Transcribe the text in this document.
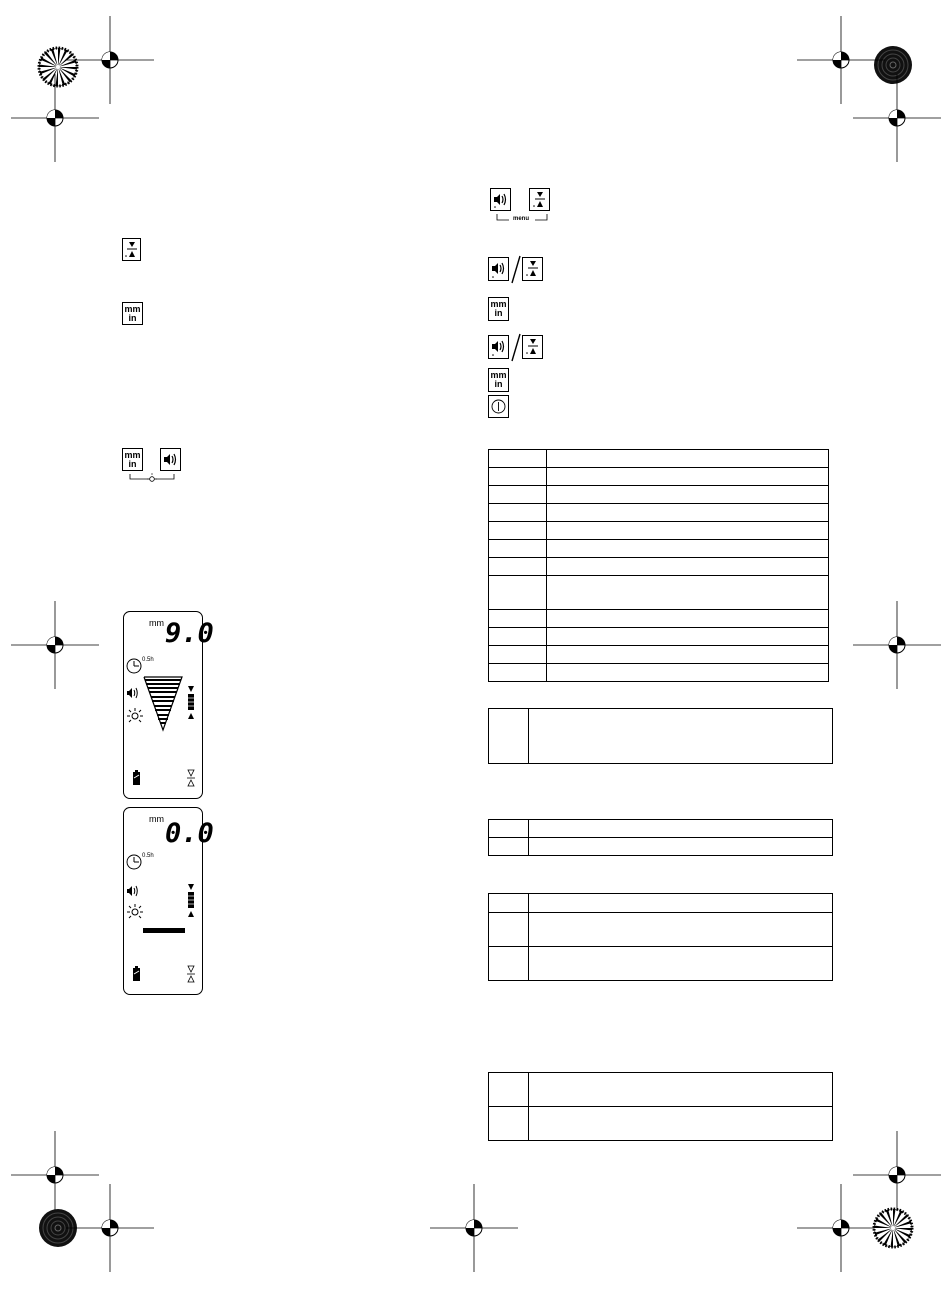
mm
in
mm
in
mm 9.0
0.5h
mm 0.0
0.5h
menu
mm
in
mm
in
